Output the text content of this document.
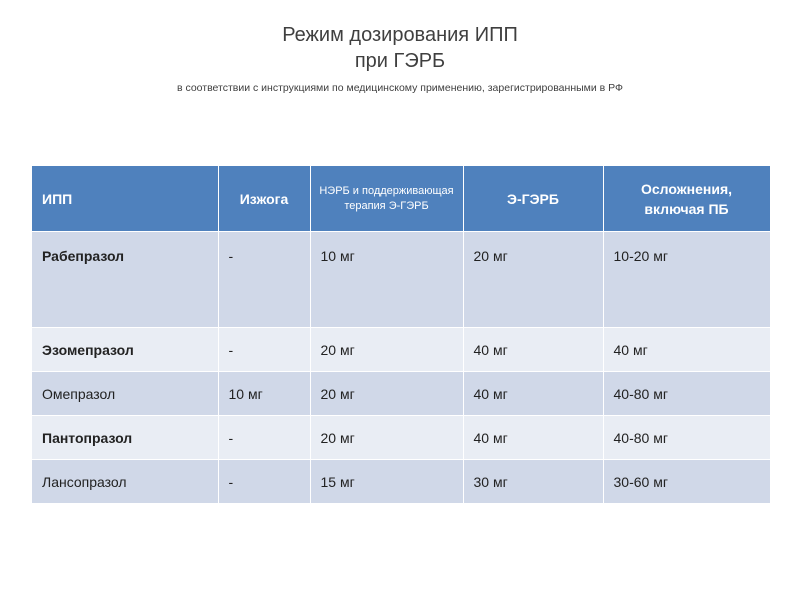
Режим дозирования ИПП
при ГЭРБ
в соответствии с инструкциями по медицинскому применению, зарегистрированными в РФ
ИПП	Изжога	НЭРБ и поддерживающая терапия Э-ГЭРБ	Э-ГЭРБ	Осложнения, включая ПБ
Рабепразол	-	10 мг	20 мг	10-20 мг
Эзомепразол	-	20 мг	40 мг	40 мг
Омепразол	10 мг	20 мг	40 мг	40-80 мг
Пантопразол	-	20 мг	40 мг	40-80 мг
Лансопразол	-	15 мг	30 мг	30-60 мг
